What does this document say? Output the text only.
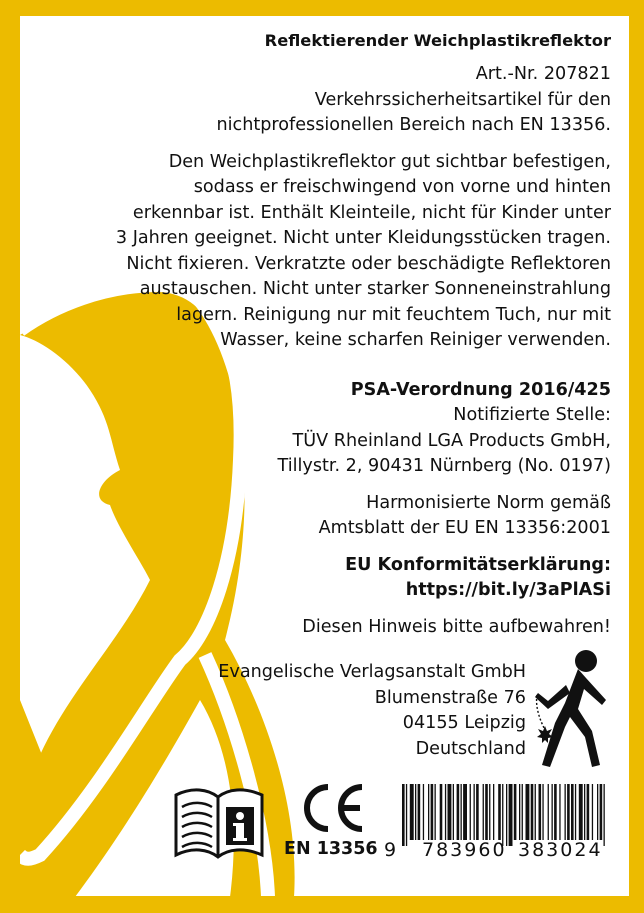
Reflektierender Weichplastikreflektor

Art.-Nr. 207821

Verkehrssicherheitsartikel für den

nichtprofessionellen Bereich nach EN 13356.

Den Weichplastikreflektor gut sichtbar befestigen,

sodass er freischwingend von vorne und hinten

erkennbar ist. Enthält Kleinteile, nicht für Kinder unter

3 Jahren geeignet. Nicht unter Kleidungsstücken tragen.

Nicht fixieren. Verkratzte oder beschädigte Reflektoren

austauschen. Nicht unter starker Sonneneinstrahlung

lagern. Reinigung nur mit feuchtem Tuch, nur mit

Wasser, keine scharfen Reiniger verwenden.

PSA-Verordnung 2016/425

Notifizierte Stelle:

TÜV Rheinland LGA Products GmbH,

Tillystr. 2, 90431 Nürnberg (No. 0197)

Harmonisierte Norm gemäß

Amtsblatt der EU EN 13356:2001

EU Konformitätserklärung:

https://bit.ly/3aPlASi

Diesen Hinweis bitte aufbewahren!

Evangelische Verlagsanstalt GmbH

Blumenstraße 76

04155 Leipzig

Deutschland

EN 13356 9 783960 383024
